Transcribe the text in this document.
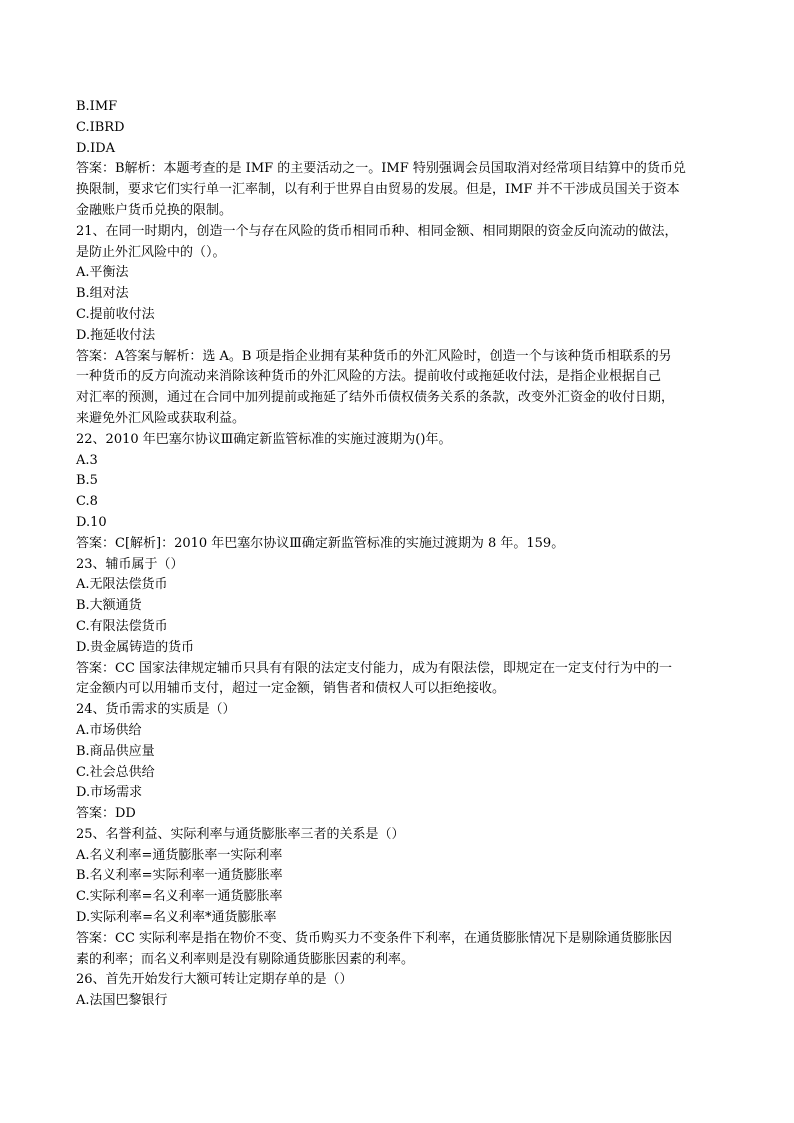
B.IMF
C.IBRD
D.IDA
答案：B解析：本题考查的是 IMF 的主要活动之一。IMF 特别强调会员国取消对经常项目结算中的货币兑
换限制，要求它们实行单一汇率制，以有利于世界自由贸易的发展。但是，IMF 并不干涉成员国关于资本
金融账户货币兑换的限制。
21、在同一时期内，创造一个与存在风险的货币相同币种、相同金额、相同期限的资金反向流动的做法，
是防止外汇风险中的（）。
A.平衡法
B.组对法
C.提前收付法
D.拖延收付法
答案：A答案与解析：选 A。B 项是指企业拥有某种货币的外汇风险时，创造一个与该种货币相联系的另
一种货币的反方向流动来消除该种货币的外汇风险的方法。提前收付或拖延收付法，是指企业根据自己
对汇率的预测，通过在合同中加列提前或拖延了结外币债权债务关系的条款，改变外汇资金的收付日期，
来避免外汇风险或获取利益。
22、2010 年巴塞尔协议Ⅲ确定新监管标准的实施过渡期为()年。
A.3
B.5
C.8
D.10
答案：C[解析]：2010 年巴塞尔协议Ⅲ确定新监管标准的实施过渡期为 8 年。159。
23、辅币属于（）
A.无限法偿货币
B.大额通货
C.有限法偿货币
D.贵金属铸造的货币
答案：CC 国家法律规定辅币只具有有限的法定支付能力，成为有限法偿，即规定在一定支付行为中的一
定金额内可以用辅币支付，超过一定金额，销售者和债权人可以拒绝接收。
24、货币需求的实质是（）
A.市场供给
B.商品供应量
C.社会总供给
D.市场需求
答案：DD
25、名誉利益、实际利率与通货膨胀率三者的关系是（）
A.名义利率=通货膨胀率一实际利率
B.名义利率=实际利率一通货膨胀率
C.实际利率=名义利率一通货膨胀率
D.实际利率=名义利率*通货膨胀率
答案：CC 实际利率是指在物价不变、货币购买力不变条件下利率，在通货膨胀情况下是剔除通货膨胀因
素的利率；而名义利率则是没有剔除通货膨胀因素的利率。
26、首先开始发行大额可转让定期存单的是（）
A.法国巴黎银行
